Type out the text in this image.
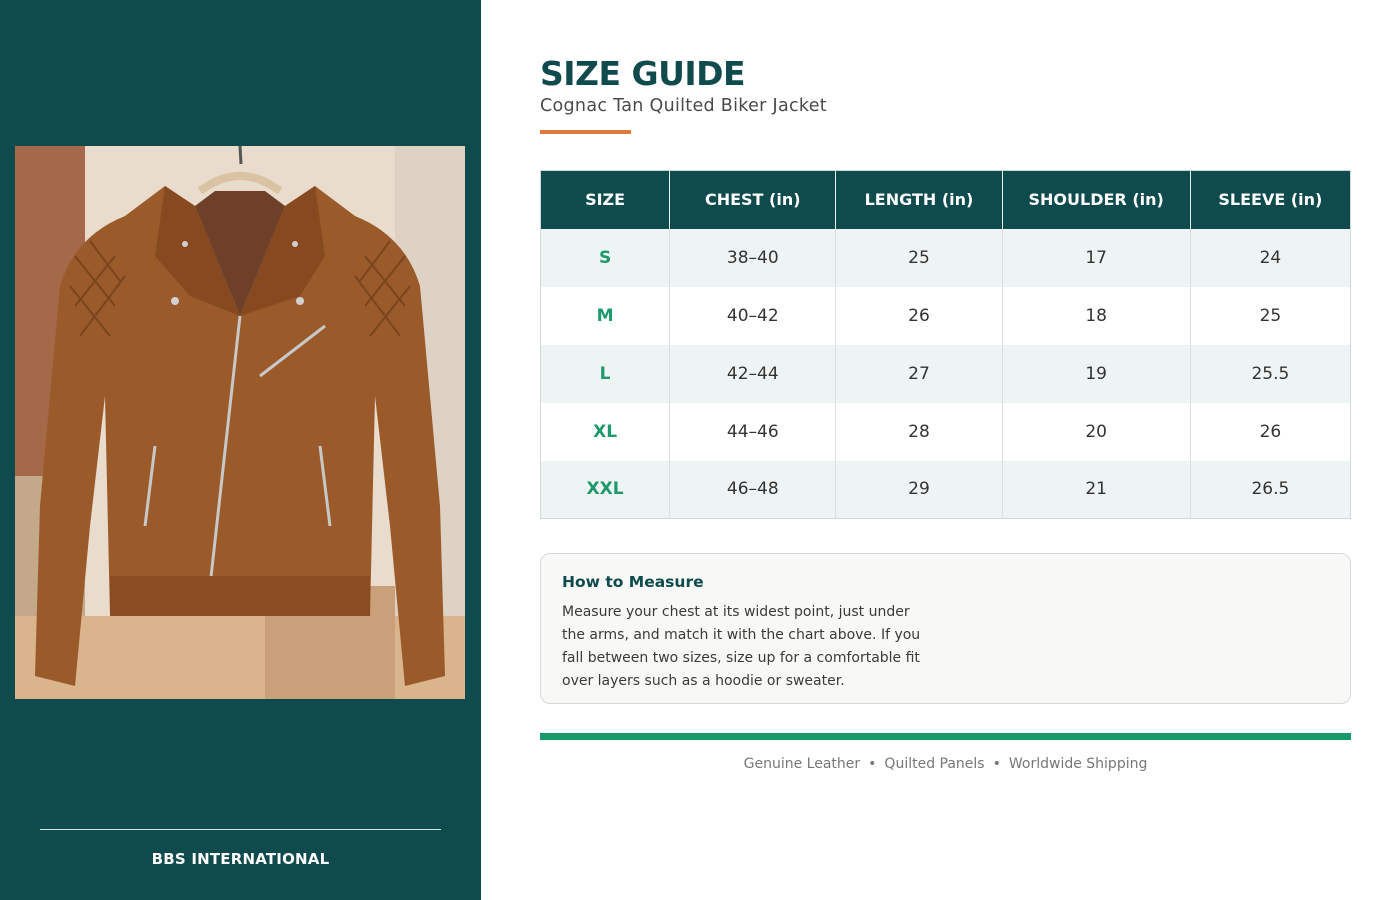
BBS INTERNATIONAL
SIZE GUIDE
Cognac Tan Quilted Biker Jacket
SIZE	CHEST (in)	LENGTH (in)	SHOULDER (in)	SLEEVE (in)
S	38–40	25	17	24
M	40–42	26	18	25
L	42–44	27	19	25.5
XL	44–46	28	20	26
XXL	46–48	29	21	26.5
How to Measure
Measure your chest at its widest point, just under the arms, and match it with the chart above. If you fall between two sizes, size up for a comfortable fit over layers such as a hoodie or sweater.
Genuine Leather • Quilted Panels • Worldwide Shipping
